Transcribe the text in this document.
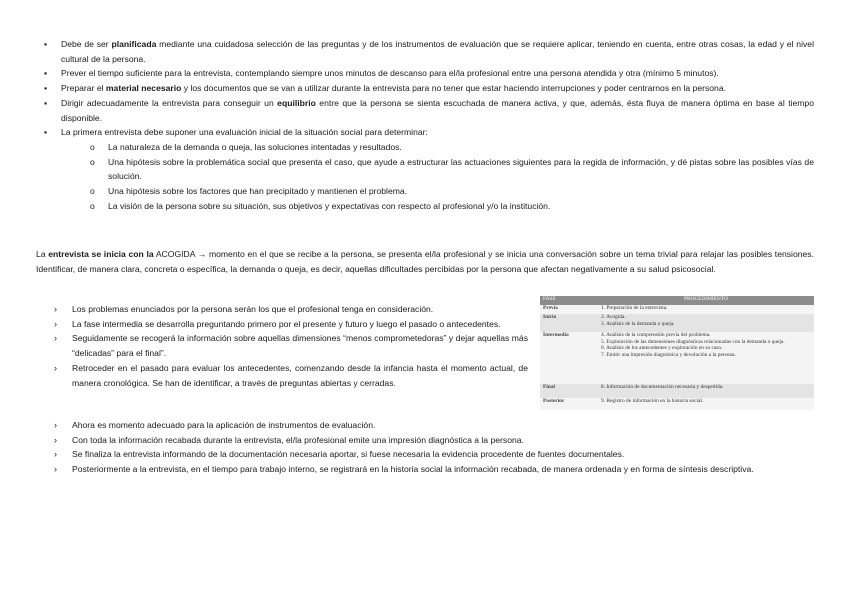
▪ Debe de ser planificada mediante una cuidadosa selección de las preguntas y de los instrumentos de evaluación que se requiere aplicar, teniendo en cuenta, entre otras cosas, la edad y el nivel cultural de la persona.
▪ Prever el tiempo suficiente para la entrevista, contemplando siempre unos minutos de descanso para el/la profesional entre una persona atendida y otra (mínimo 5 minutos).
▪ Preparar el material necesario y los documentos que se van a utilizar durante la entrevista para no tener que estar haciendo interrupciones y poder centrarnos en la persona.
▪ Dirigir adecuadamente la entrevista para conseguir un equilibrio entre que la persona se sienta escuchada de manera activa, y que, además, ésta fluya de manera óptima en base al tiempo disponible.
▪ La primera entrevista debe suponer una evaluación inicial de la situación social para determinar:
o La naturaleza de la demanda o queja, las soluciones intentadas y resultados.
o Una hipótesis sobre la problemática social que presenta el caso, que ayude a estructurar las actuaciones siguientes para la regida de información, y dé pistas sobre las posibles vías de solución.
o Una hipótesis sobre los factores que han precipitado y mantienen el problema.
o La visión de la persona sobre su situación, sus objetivos y expectativas con respecto al profesional y/o la institución.
La entrevista se inicia con la ACOGIDA → momento en el que se recibe a la persona, se presenta el/la profesional y se inicia una conversación sobre un tema trivial para relajar las posibles tensiones. Identificar, de manera clara, concreta o específica, la demanda o queja, es decir, aquellas dificultades percibidas por la persona que afectan negativamente a su salud psicosocial.
› Los problemas enunciados por la persona serán los que el profesional tenga en consideración.
› La fase intermedia se desarrolla preguntando primero por el presente y futuro y luego el pasado o antecedentes.
› Seguidamente se recogerá la información sobre aquellas dimensiones “menos comprometedoras” y dejar aquellas más “delicadas” para el final”.
› Retroceder en el pasado para evaluar los antecedentes, comenzando desde la infancia hasta el momento actual, de manera cronológica. Se han de identificar, a través de preguntas abiertas y cerradas.
› Ahora es momento adecuado para la aplicación de instrumentos de evaluación.
› Con toda la información recabada durante la entrevista, el/la profesional emite una impresión diagnóstica a la persona.
› Se finaliza la entrevista informando de la documentación necesaria aportar, si fuese necesaria la evidencia procedente de fuentes documentales.
› Posteriormente a la entrevista, en el tiempo para trabajo interno, se registrará en la historia social la información recabada, de manera ordenada y en forma de síntesis descriptiva.
FASE	PROCEDIMIENTO
Previa	1. Preparación de la entrevista.

Inicio	2. Acogida.
3. Análisis de la demanda o queja.

Intermedia	4. Análisis de la comprensión previa del problema.
5. Exploración de las dimensiones diagnósticas relacionadas con la demanda o queja.
6. Análisis de los antecedentes y exploración en su caso.
7. Emitir una impresión diagnóstica y devolución a la persona.

Final	8. Información de documentación necesaria y despedida.

Posterior	9. Registro de información en la historia social.
